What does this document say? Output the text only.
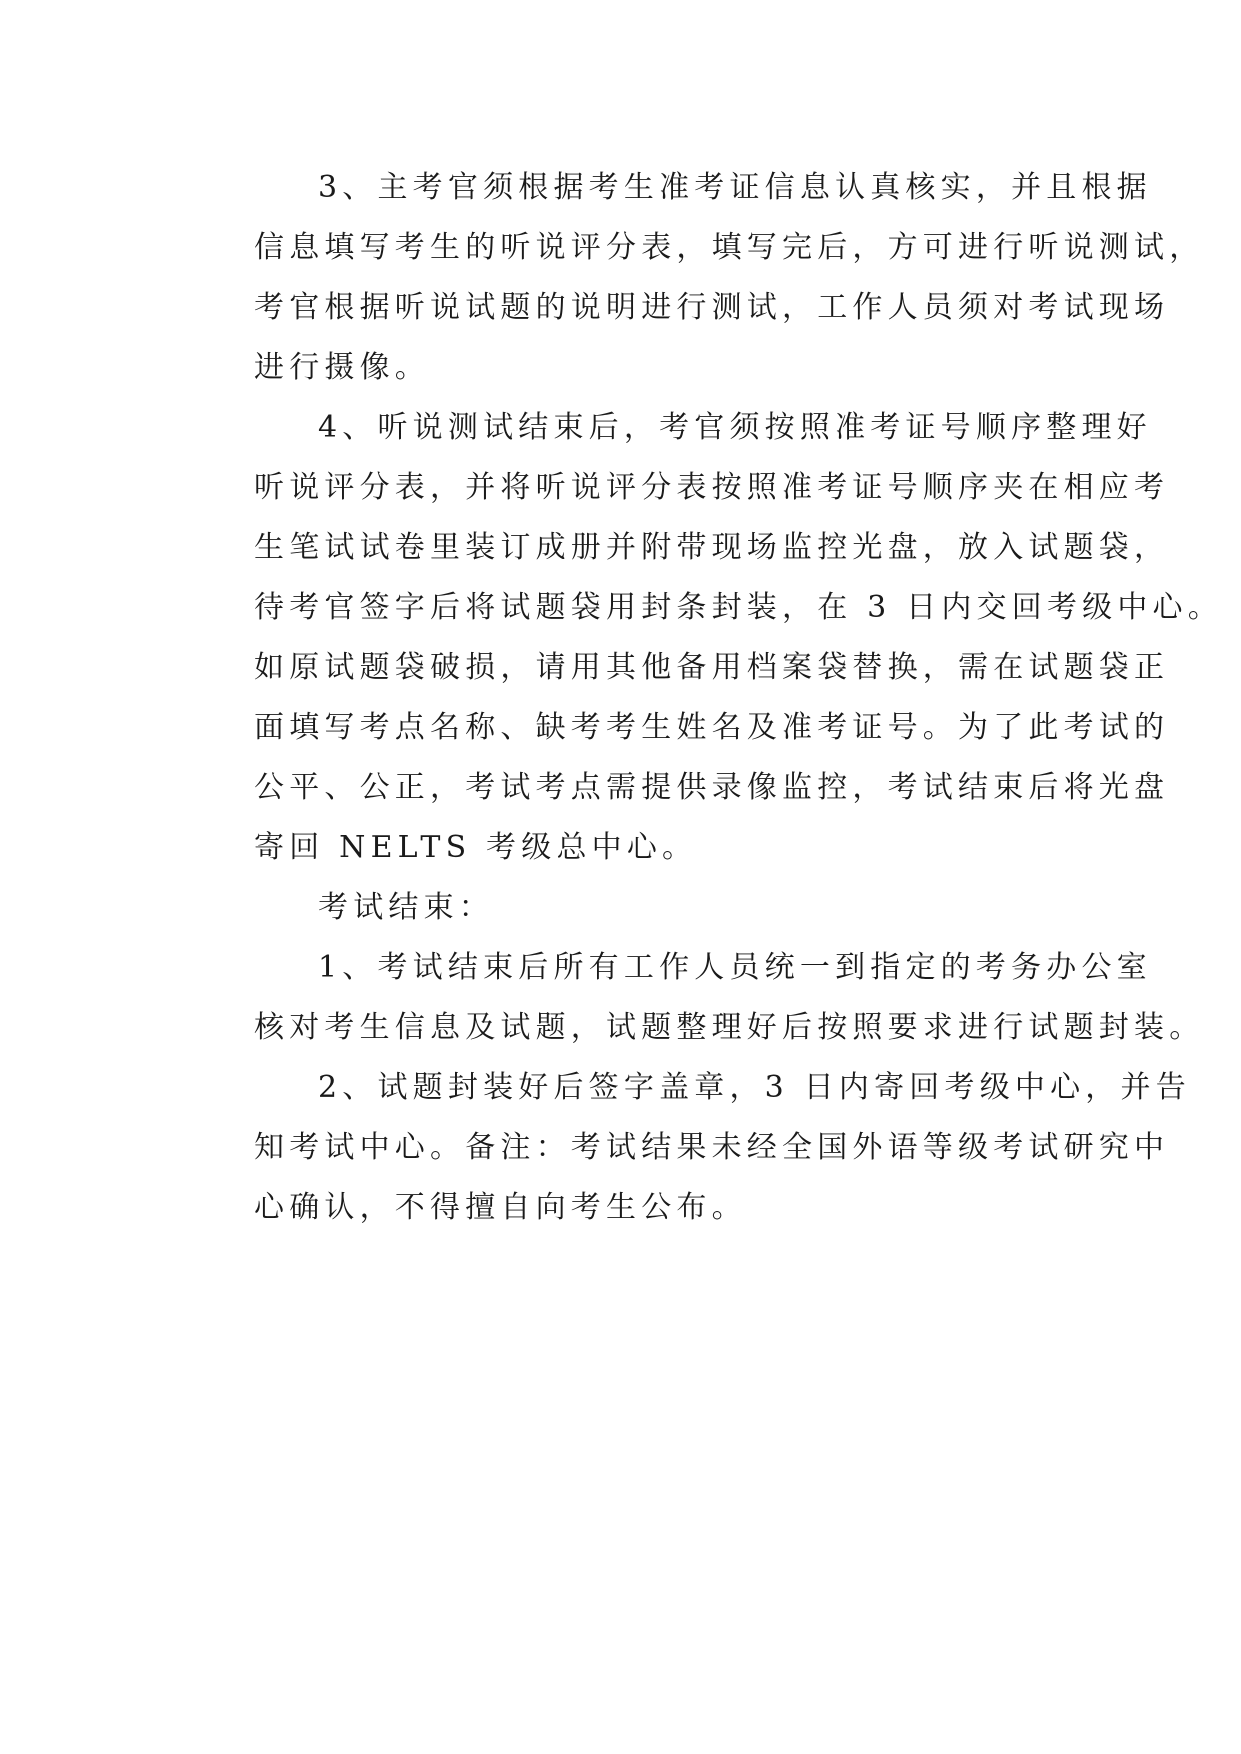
3、主考官须根据考生准考证信息认真核实，并且根据
信息填写考生的听说评分表，填写完后，方可进行听说测试，
考官根据听说试题的说明进行测试，工作人员须对考试现场
进行摄像。
4、听说测试结束后，考官须按照准考证号顺序整理好
听说评分表，并将听说评分表按照准考证号顺序夹在相应考
生笔试试卷里装订成册并附带现场监控光盘，放入试题袋，
待考官签字后将试题袋用封条封装，在 3 日内交回考级中心。
如原试题袋破损，请用其他备用档案袋替换，需在试题袋正
面填写考点名称、缺考考生姓名及准考证号。为了此考试的
公平、公正，考试考点需提供录像监控，考试结束后将光盘
寄回 NELTS 考级总中心。
考试结束：
1、考试结束后所有工作人员统一到指定的考务办公室
核对考生信息及试题，试题整理好后按照要求进行试题封装。
2、试题封装好后签字盖章，3 日内寄回考级中心，并告
知考试中心。备注：考试结果未经全国外语等级考试研究中
心确认，不得擅自向考生公布。
